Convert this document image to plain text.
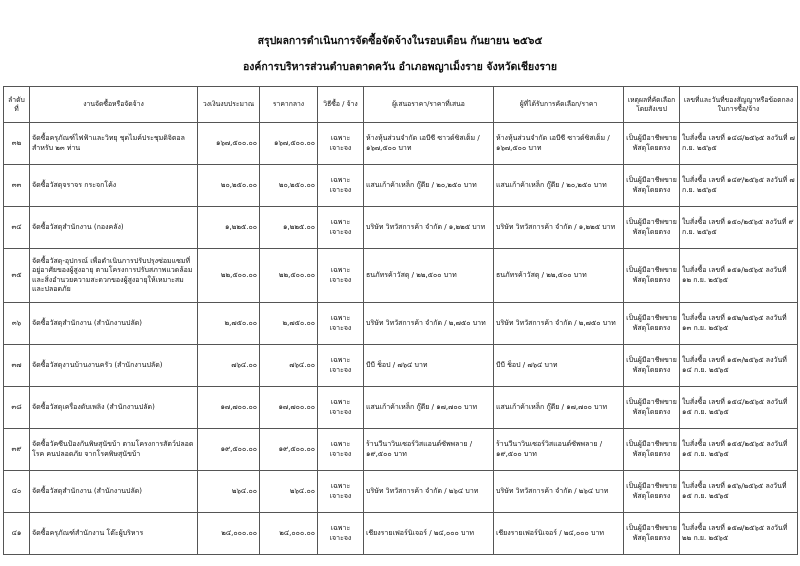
สรุปผลการดำเนินการจัดซื้อจัดจ้างในรอบเดือน กันยายน ๒๕๖๕
องค์การบริหารส่วนตำบลตาดควัน อำเภอพญาเม็งราย จังหวัดเชียงราย
ลำดับที่	งานจัดซื้อหรือจัดจ้าง	วงเงินงบประมาณ	ราคากลาง	วิธีซื้อ / จ้าง	ผู้เสนอราคา/ราคาที่เสนอ	ผู้ที่ได้รับการคัดเลือก/ราคา	เหตุผลที่คัดเลือกโดยสังเขป	เลขที่และวันที่ของสัญญาหรือข้อตกลงในการซื้อ/จ้าง
๓๒	จัดซื้อครุภัณฑ์ไฟฟ้าและวิทยุ ชุดไมค์ประชุมดิจิตอล สำหรับ ๒๓ ท่าน	๑๖๗,๕๐๐.๐๐	๑๖๗,๕๐๐.๐๐	เฉพาะเจาะจง	ห้างหุ้นส่วนจำกัด เอบีซี ซาวด์ซิสเต็ม / ๑๖๗,๕๐๐ บาท	ห้างหุ้นส่วนจำกัด เอบีซี ซาวด์ซิสเต็ม / ๑๖๗,๕๐๐ บาท	เป็นผู้มีอาชีพขายพัสดุโดยตรง	ใบสั่งซื้อ เลขที่ ๑๔๘/๒๕๖๕ ลงวันที่ ๗ ก.ย. ๒๕๖๕
๓๓	จัดซื้อวัสดุจราจร กระจกโค้ง	๒๐,๒๕๐.๐๐	๒๐,๒๕๐.๐๐	เฉพาะเจาะจง	แสนเก้าค้าเหล็ก กู๊ดีย / ๒๐,๒๕๐ บาท	แสนเก้าค้าเหล็ก กู๊ดีย / ๒๐,๒๕๐ บาท	เป็นผู้มีอาชีพขายพัสดุโดยตรง	ใบสั่งซื้อ เลขที่ ๑๔๙/๒๕๖๕ ลงวันที่ ๗ ก.ย. ๒๕๖๕
๓๔	จัดซื้อวัสดุสำนักงาน (กองคลัง)	๑,๒๒๕.๐๐	๑,๒๒๕.๐๐	เฉพาะเจาะจง	บริษัท วิทวัสการค้า จำกัด / ๑,๒๒๕ บาท	บริษัท วิทวัสการค้า จำกัด / ๑,๒๒๕ บาท	เป็นผู้มีอาชีพขายพัสดุโดยตรง	ใบสั่งซื้อ เลขที่ ๑๕๐/๒๕๖๕ ลงวันที่ ๙ ก.ย. ๒๕๖๕
๓๕	จัดซื้อวัสดุ-อุปกรณ์ เพื่อดำเนินการปรับปรุงซ่อมแซมที่อยู่อาศัยของผู้สูงอายุ ตามโครงการปรับสภาพแวดล้อมและสิ่งอำนวยความสะดวกของผู้สูงอายุให้เหมาะสมและปลอดภัย	๒๒,๕๐๐.๐๐	๒๒,๕๐๐.๐๐	เฉพาะเจาะจง	ธนภัทรค้าวัสดุ / ๒๒,๕๐๐ บาท	ธนภัทรค้าวัสดุ / ๒๒,๕๐๐ บาท	เป็นผู้มีอาชีพขายพัสดุโดยตรง	ใบสั่งซื้อ เลขที่ ๑๕๑/๒๕๖๕ ลงวันที่ ๑๒ ก.ย. ๒๕๖๕
๓๖	จัดซื้อวัสดุสำนักงาน (สำนักงานปลัด)	๒,๗๕๐.๐๐	๒,๗๕๐.๐๐	เฉพาะเจาะจง	บริษัท วิทวัสการค้า จำกัด / ๒,๗๕๐ บาท	บริษัท วิทวัสการค้า จำกัด / ๒,๗๕๐ บาท	เป็นผู้มีอาชีพขายพัสดุโดยตรง	ใบสั่งซื้อ เลขที่ ๑๕๒/๒๕๖๕ ลงวันที่ ๑๓ ก.ย. ๒๕๖๕
๓๗	จัดซื้อวัสดุงานบ้านงานครัว (สำนักงานปลัด)	๗๖๔.๐๐	๗๖๔.๐๐	เฉพาะเจาะจง	บีบี ช็อป / ๗๖๔ บาท	บีบี ช็อป / ๗๖๔ บาท	เป็นผู้มีอาชีพขายพัสดุโดยตรง	ใบสั่งซื้อ เลขที่ ๑๕๓/๒๕๖๕ ลงวันที่ ๑๔ ก.ย. ๒๕๖๕
๓๘	จัดซื้อวัสดุเครื่องดับเพลิง (สำนักงานปลัด)	๑๗,๗๐๐.๐๐	๑๗,๗๐๐.๐๐	เฉพาะเจาะจง	แสนเก้าค้าเหล็ก กู๊ดีย / ๑๗,๗๐๐ บาท	แสนเก้าค้าเหล็ก กู๊ดีย / ๑๗,๗๐๐ บาท	เป็นผู้มีอาชีพขายพัสดุโดยตรง	ใบสั่งซื้อ เลขที่ ๑๕๔/๒๕๖๕ ลงวันที่ ๑๕ ก.ย. ๒๕๖๕
๓๙	จัดซื้อวัคซีนป้องกันพิษสุนัขบ้า ตามโครงการสัตว์ปลอดโรค คนปลอดภัย จากโรคพิษสุนัขบ้า	๑๙,๕๐๐.๐๐	๑๙,๕๐๐.๐๐	เฉพาะเจาะจง	ร้านวีนาวินเซอร์วิสแอนด์ซัพพลาย / ๑๙,๕๐๐ บาท	ร้านวีนาวินเซอร์วิสแอนด์ซัพพลาย / ๑๙,๕๐๐ บาท	เป็นผู้มีอาชีพขายพัสดุโดยตรง	ใบสั่งซื้อ เลขที่ ๑๕๕/๒๕๖๕ ลงวันที่ ๑๕ ก.ย. ๒๕๖๕
๔๐	จัดซื้อวัสดุสำนักงาน (สำนักงานปลัด)	๒๖๔.๐๐	๒๖๔.๐๐	เฉพาะเจาะจง	บริษัท วิทวัสการค้า จำกัด / ๒๖๔ บาท	บริษัท วิทวัสการค้า จำกัด / ๒๖๔ บาท	เป็นผู้มีอาชีพขายพัสดุโดยตรง	ใบสั่งซื้อ เลขที่ ๑๕๖/๒๕๖๕ ลงวันที่ ๑๕ ก.ย. ๒๕๖๕
๔๑	จัดซื้อครุภัณฑ์สำนักงาน โต๊ะผู้บริหาร	๒๔,๐๐๐.๐๐	๒๔,๐๐๐.๐๐	เฉพาะเจาะจง	เชียงรายเฟอร์นิเจอร์ / ๒๔,๐๐๐ บาท	เชียงรายเฟอร์นิเจอร์ / ๒๔,๐๐๐ บาท	เป็นผู้มีอาชีพขายพัสดุโดยตรง	ใบสั่งซื้อ เลขที่ ๑๕๗/๒๕๖๕ ลงวันที่ ๒๒ ก.ย. ๒๕๖๕
